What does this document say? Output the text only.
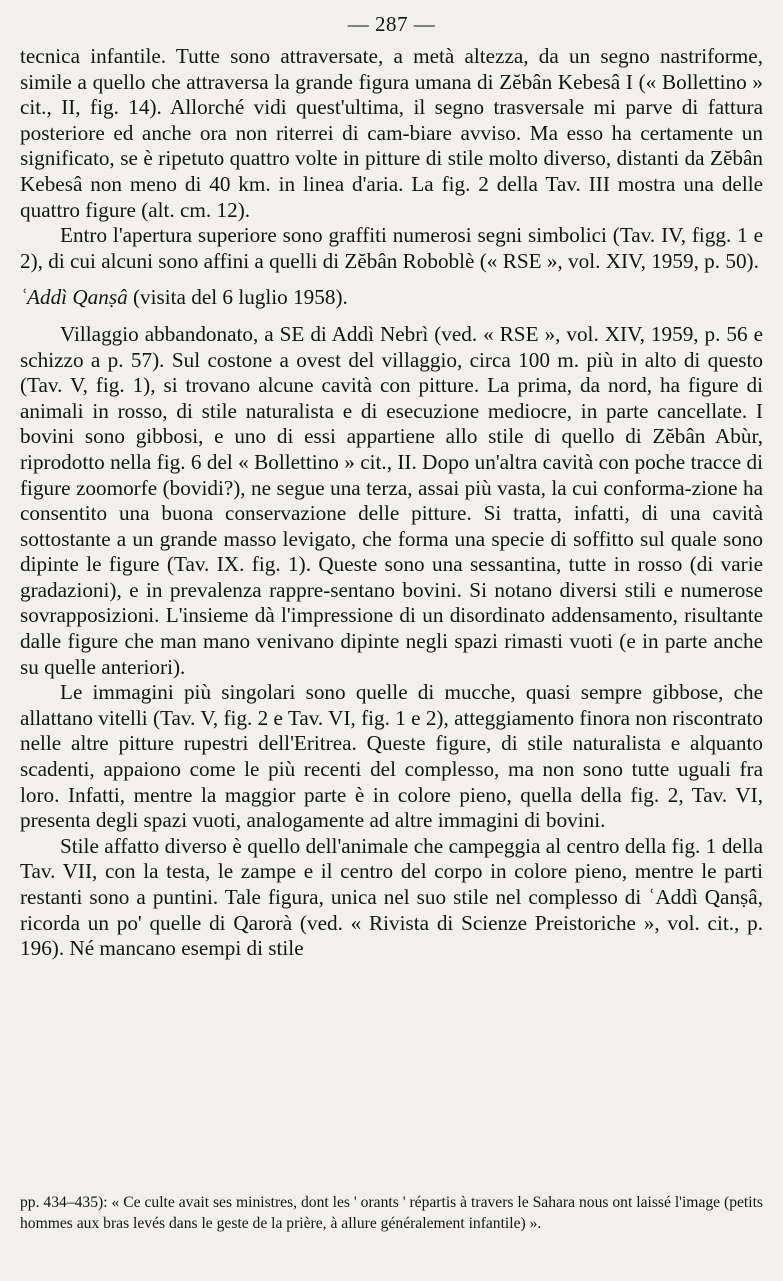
— 287 —

tecnica infantile. Tutte sono attraversate, a metà altezza, da un segno nastriforme, simile a quello che attraversa la grande figura umana di Zĕbân Kebesâ I (« Bollettino » cit., II, fig. 14). Allorché vidi quest'ultima, il segno trasversale mi parve di fattura posteriore ed anche ora non riterrei di cam-biare avviso. Ma esso ha certamente un significato, se è ripetuto quattro volte in pitture di stile molto diverso, distanti da Zĕbân Kebesâ non meno di 40 km. in linea d'aria. La fig. 2 della Tav. III mostra una delle quattro figure (alt. cm. 12).

Entro l'apertura superiore sono graffiti numerosi segni simbolici (Tav. IV, figg. 1 e 2), di cui alcuni sono affini a quelli di Zĕbân Roboblè (« RSE », vol. XIV, 1959, p. 50).

ʿAddì Qanṣâ (visita del 6 luglio 1958).

Villaggio abbandonato, a SE di Addì Nebrì (ved. « RSE », vol. XIV, 1959, p. 56 e schizzo a p. 57). Sul costone a ovest del villaggio, circa 100 m. più in alto di questo (Tav. V, fig. 1), si trovano alcune cavità con pitture. La prima, da nord, ha figure di animali in rosso, di stile naturalista e di esecuzione mediocre, in parte cancellate. I bovini sono gibbosi, e uno di essi appartiene allo stile di quello di Zĕbân Abùr, riprodotto nella fig. 6 del « Bollettino » cit., II. Dopo un'altra cavità con poche tracce di figure zoomorfe (bovidi?), ne segue una terza, assai più vasta, la cui conforma-zione ha consentito una buona conservazione delle pitture. Si tratta, infatti, di una cavità sottostante a un grande masso levigato, che forma una specie di soffitto sul quale sono dipinte le figure (Tav. IX. fig. 1). Queste sono una sessantina, tutte in rosso (di varie gradazioni), e in prevalenza rappre-sentano bovini. Si notano diversi stili e numerose sovrapposizioni. L'insieme dà l'impressione di un disordinato addensamento, risultante dalle figure che man mano venivano dipinte negli spazi rimasti vuoti (e in parte anche su quelle anteriori).

Le immagini più singolari sono quelle di mucche, quasi sempre gibbose, che allattano vitelli (Tav. V, fig. 2 e Tav. VI, fig. 1 e 2), atteggiamento finora non riscontrato nelle altre pitture rupestri dell'Eritrea. Queste figure, di stile naturalista e alquanto scadenti, appaiono come le più recenti del complesso, ma non sono tutte uguali fra loro. Infatti, mentre la maggior parte è in colore pieno, quella della fig. 2, Tav. VI, presenta degli spazi vuoti, analogamente ad altre immagini di bovini.

Stile affatto diverso è quello dell'animale che campeggia al centro della fig. 1 della Tav. VII, con la testa, le zampe e il centro del corpo in colore pieno, mentre le parti restanti sono a puntini. Tale figura, unica nel suo stile nel complesso di ʿAddì Qanṣâ, ricorda un po' quelle di Qarorà (ved. « Rivista di Scienze Preistoriche », vol. cit., p. 196). Né mancano esempi di stile

pp. 434–435): « Ce culte avait ses ministres, dont les ' orants ' répartis à travers le Sahara nous ont laissé l'image (petits hommes aux bras levés dans le geste de la prière, à allure généralement infantile) ».
